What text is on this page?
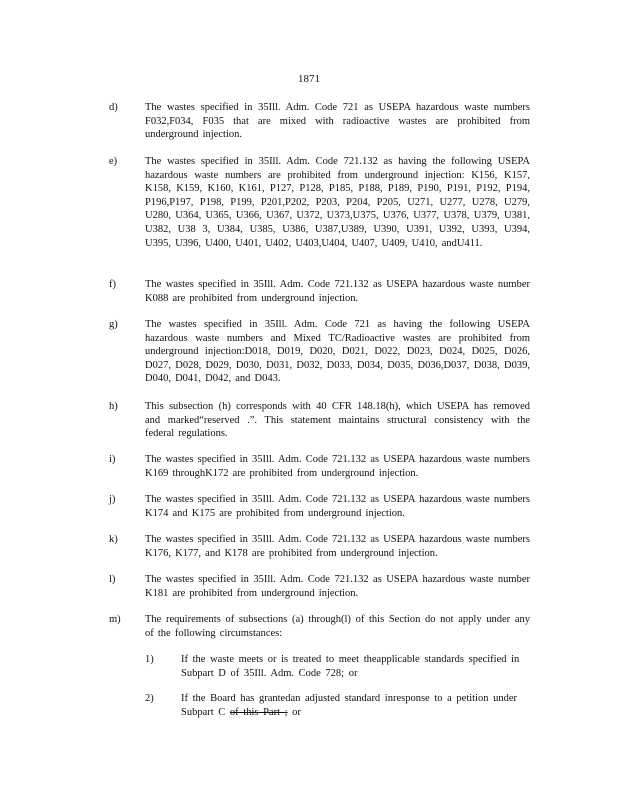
1871
d)	The wastes specified in 35Ill. Adm. Code 721 as USEPA hazardous waste numbers F032,F034, F035 that are mixed with radioactive wastes are prohibited from underground injection.
e)	The wastes specified in 35Ill. Adm. Code 721.132 as having the following USEPA hazardous waste numbers are prohibited from underground injection: K156, K157, K158, K159, K160, K161, P127, P128, P185, P188, P189, P190, P191, P192, P194, P196,P197, P198, P199, P201,P202, P203, P204, P205, U271, U277, U278, U279, U280, U364, U365, U366, U367, U372, U373,U375, U376, U377, U378, U379, U381, U382, U38 3, U384, U385, U386, U387,U389, U390, U391, U392, U393, U394, U395, U396, U400, U401, U402, U403,U404, U407, U409, U410, andU411.
f)	The wastes specified in 35Ill. Adm. Code 721.132 as USEPA hazardous waste number K088 are prohibited from underground injection.
g)	The wastes specified in 35Ill. Adm. Code 721 as having the following USEPA hazardous waste numbers and Mixed TC/Radioactive wastes are prohibited from underground injection:D018, D019, D020, D021, D022, D023, D024, D025, D026, D027, D028, D029, D030, D031, D032, D033, D034, D035, D036,D037, D038, D039, D040, D041, D042, and D043.
h)	This subsection (h) corresponds with 40 CFR 148.18(h), which USEPA has removed and marked“reserved .”. This statement maintains structural consistency with the federal regulations.
i)	The wastes specified in 35Ill. Adm. Code 721.132 as USEPA hazardous waste numbers K169 throughK172 are prohibited from underground injection.
j)	The wastes specified in 35Ill. Adm. Code 721.132 as USEPA hazardous waste numbers K174 and K175 are prohibited from underground injection.
k)	The wastes specified in 35Ill. Adm. Code 721.132 as USEPA hazardous waste numbers K176, K177, and K178 are prohibited from underground injection.
l)	The wastes specified in 35Ill. Adm. Code 721.132 as USEPA hazardous waste number K181 are prohibited from underground injection.
m) The requirements of subsections (a) through(l) of this Section do not apply under any of the following circumstances:
1)	If the waste meets or is treated to meet theapplicable standards specified in Subpart D of 35Ill. Adm. Code 728; or
2)	If the Board has grantedan adjusted standard inresponse to a petition under Subpart C of this Part ; or
